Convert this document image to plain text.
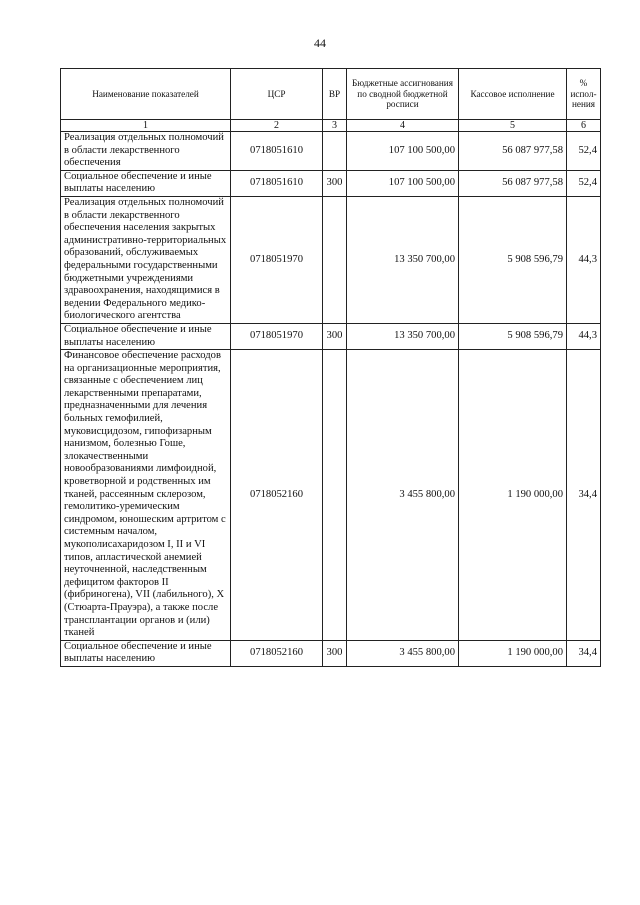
44
Наименование показателей	ЦСР	ВР	Бюджетные ассигнования по сводной бюджетной росписи	Кассовое исполнение	% испол-нения
1	2	3	4	5	6
Реализация отдельных полномочий в области лекарственного обеспечения	0718051610		107 100 500,00	56 087 977,58	52,4
Социальное обеспечение и иные выплаты населению	0718051610	300	107 100 500,00	56 087 977,58	52,4
Реализация отдельных полномочий в области лекарственного обеспечения населения закрытых административно-территориальных образований, обслуживаемых федеральными государственными бюджетными учреждениями здравоохранения, находящимися в ведении Федерального медико-биологического агентства	0718051970		13 350 700,00	5 908 596,79	44,3
Социальное обеспечение и иные выплаты населению	0718051970	300	13 350 700,00	5 908 596,79	44,3
Финансовое обеспечение расходов на организационные мероприятия, связанные с обеспечением лиц лекарственными препаратами, предназначенными для лечения больных гемофилией, муковисцидозом, гипофизарным нанизмом, болезнью Гоше, злокачественными новообразованиями лимфоидной, кроветворной и родственных им тканей, рассеянным склерозом, гемолитико-уремическим синдромом, юношеским артритом с системным началом, мукополисахаридозом I, II и VI типов, апластической анемией неуточненной, наследственным дефицитом факторов II (фибриногена), VII (лабильного), X (Стюарта-Прауэра), а также после трансплантации органов и (или) тканей	0718052160		3 455 800,00	1 190 000,00	34,4
Социальное обеспечение и иные выплаты населению	0718052160	300	3 455 800,00	1 190 000,00	34,4
